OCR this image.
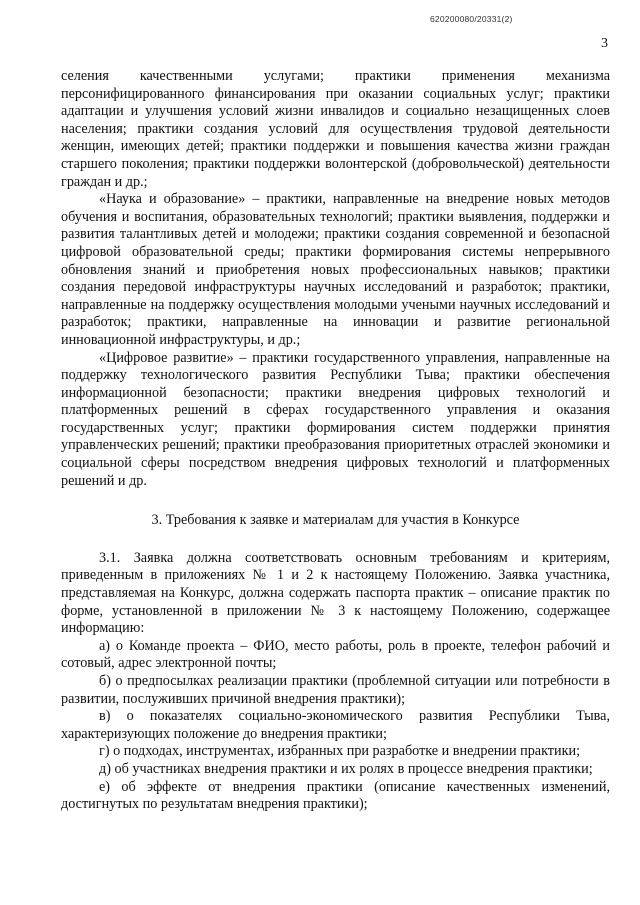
620200080/20331(2)
3

селения качественными услугами; практики применения механизма персонифицированного финансирования при оказании социальных услуг; практики адаптации и улучшения условий жизни инвалидов и социально незащищенных слоев населения; практики создания условий для осуществления трудовой деятельности женщин, имеющих детей; практики поддержки и повышения качества жизни граждан старшего поколения; практики поддержки волонтерской (добровольческой) деятельности граждан и др.;

«Наука и образование» – практики, направленные на внедрение новых методов обучения и воспитания, образовательных технологий; практики выявления, поддержки и развития талантливых детей и молодежи; практики создания современной и безопасной цифровой образовательной среды; практики формирования системы непрерывного обновления знаний и приобретения новых профессиональных навыков; практики создания передовой инфраструктуры научных исследований и разработок; практики, направленные на поддержку осуществления молодыми учеными научных исследований и разработок; практики, направленные на инновации и развитие региональной инновационной инфраструктуры, и др.;

«Цифровое развитие» – практики государственного управления, направленные на поддержку технологического развития Республики Тыва; практики обеспечения информационной безопасности; практики внедрения цифровых технологий и платформенных решений в сферах государственного управления и оказания государственных услуг; практики формирования систем поддержки принятия управленческих решений; практики преобразования приоритетных отраслей экономики и социальной сферы посредством внедрения цифровых технологий и платформенных решений и др.

3. Требования к заявке и материалам для участия в Конкурсе

3.1. Заявка должна соответствовать основным требованиям и критериям, приведенным в приложениях № 1 и 2 к настоящему Положению. Заявка участника, представляемая на Конкурс, должна содержать паспорта практик – описание практик по форме, установленной в приложении № 3 к настоящему Положению, содержащее информацию:

а) о Команде проекта – ФИО, место работы, роль в проекте, телефон рабочий и сотовый, адрес электронной почты;

б) о предпосылках реализации практики (проблемной ситуации или потребности в развитии, послуживших причиной внедрения практики);

в) о показателях социально-экономического развития Республики Тыва, характеризующих положение до внедрения практики;

г) о подходах, инструментах, избранных при разработке и внедрении практики;

д) об участниках внедрения практики и их ролях в процессе внедрения практики;

е) об эффекте от внедрения практики (описание качественных изменений, достигнутых по результатам внедрения практики);
